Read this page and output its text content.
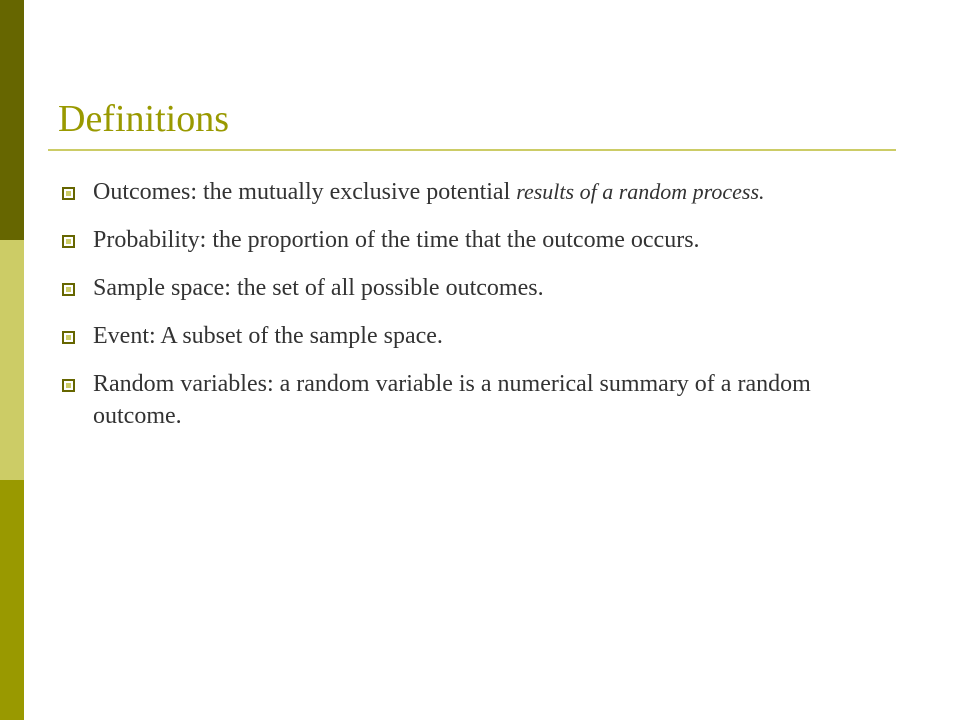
Definitions
Outcomes: the mutually exclusive potential results of a random process.
Probability: the proportion of the time that the outcome occurs.
Sample space: the set of all possible outcomes.
Event: A subset of the sample space.
Random variables: a random variable is a numerical summary of a random outcome.
